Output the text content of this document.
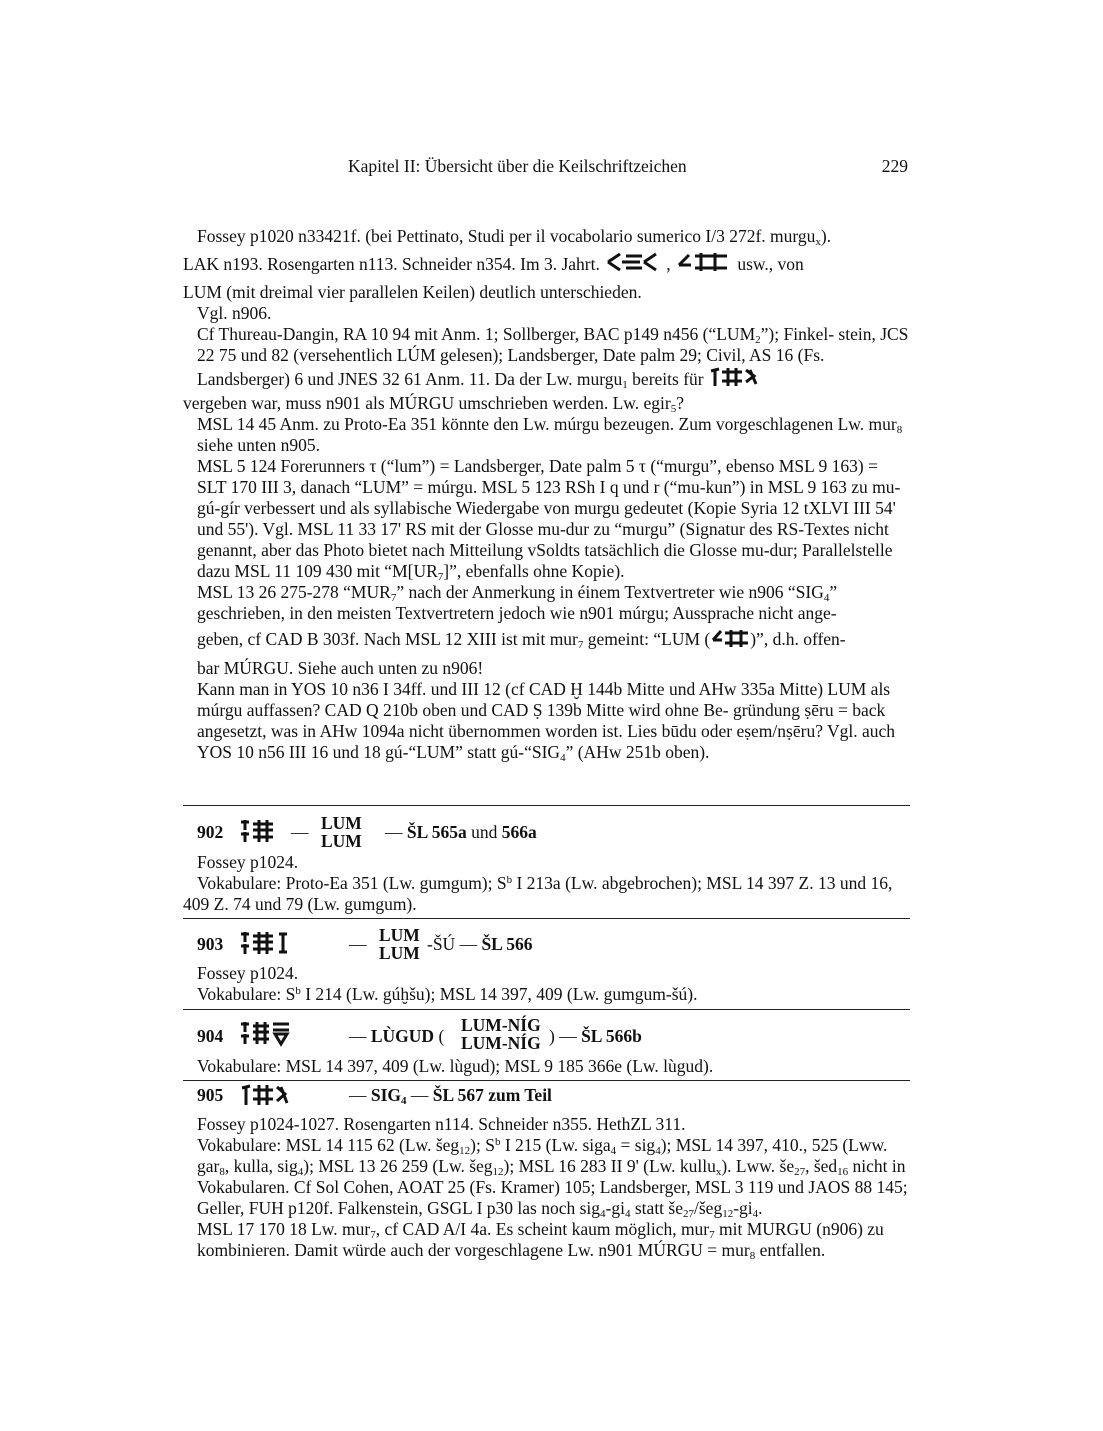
Kapitel II: Übersicht über die Keilschriftzeichen	229

Fossey p1020 n33421f. (bei Pettinato, Studi per il vocabolario sumerico I/3 272f. murgu$_x$).

LAK n193. Rosengarten n113. Schneider n354. Im 3. Jahrt.	,	usw., von

LUM (mit dreimal vier parallelen Keilen) deutlich unterschieden.

Vgl. n906.

Cf Thureau-Dangin, RA 10 94 mit Anm. 1; Sollberger, BAC p149 n456 $(“LUM_2”)$; Finkel- stein, JCS 22 75 und 82 (versehentlich LÚM gelesen); Landsberger, Date palm 29; Civil, AS 16 (Fs. Landsberger) 6 und JNES 32 61 Anm. 11. Da der Lw. murgu$_1$ bereits für
vergeben war, muss n901 als MÚRGU umschrieben werden. Lw. egir$_5$?

MSL 14 45 Anm. zu Proto-Ea 351 könnte den Lw. múrgu bezeugen. Zum vorgeschlagenen Lw. mur$_8$ siehe unten n905.

MSL 5 124 Forerunners τ (“lum”) = Landsberger, Date palm 5 τ (“murgu”, ebenso MSL 9 163) = SLT 170 III 3, danach “LUM” = múrgu. MSL 5 123 RSh I q und r (“mu-kun”) in MSL 9 163 zu mu-gú-gír verbessert und als syllabische Wiedergabe von murgu gedeutet (Kopie Syria 12 tXLVI III 54' und 55'). Vgl. MSL 11 33 17' RS mit der Glosse mu-dur zu “murgu” (Signatur des RS-Textes nicht genannt, aber das Photo bietet nach Mitteilung vSoldts tatsächlich die Glosse mu-dur; Parallelstelle dazu MSL 11 109 430 mit “$M[UR_7]$”, ebenfalls ohne Kopie).

MSL 13 26 275-278 “$MUR_7$” nach der Anmerkung in éinem Textvertreter wie n906 “$SIG_4$” geschrieben, in den meisten Textvertretern jedoch wie n901 múrgu; Aussprache nicht ange-
geben, cf CAD B 303f. Nach MSL 12 XIII ist mit mur$_7$ gemeint: “LUM ( )”, d.h. offen-
bar MÚRGU. Siehe auch unten zu n906!

Kann man in YOS 10 n36 I 34ff. und III 12 (cf CAD Ḫ 144b Mitte und AHw 335a Mitte) LUM als múrgu auffassen? CAD Q 210b oben und CAD Ṣ 139b Mitte wird ohne Be- gründung ṣēru = back angesetzt, was in AHw 1094a nicht übernommen worden ist. Lies būdu oder eṣem/nṣēru? Vgl. auch YOS 10 n56 III 16 und 18 gú-“LUM” statt $gú-“SIG_4$” (AHw 251b oben).

902	— LUM
LUM — ŠL 565a und 566a

Fossey p1024.

Vokabulare: Proto-Ea 351 (Lw. gumgum); $S^b$ I 213a (Lw. abgebrochen); MSL 14 397 Z. 13 und 16, 409 Z. 74 und 79 (Lw. gumgum).

903	— LUM
LUM -ŠÚ — ŠL 566

Fossey p1024.

Vokabulare: $S^b$ I 214 (Lw. gúḫšu); MSL 14 397, 409 (Lw. gumgum-šú).

904	— LÙGUD (
LUM-NÍG
LUM-NÍG ) — ŠL 566b

Vokabulare: MSL 14 397, 409 (Lw. lùgud); MSL 9 185 366e (Lw. lùgud).

905	— $SIG_4$ — ŠL 567 zum Teil

Fossey p1024-1027. Rosengarten n114. Schneider n355. HethZL 311.

Vokabulare: MSL 14 115 62 (Lw. šeg$_{12}$); $S^b$ I 215 (Lw. siga$_4$ = sig$_4$); MSL 14 397, 410., 525 (Lww. gar$_8$, kulla, sig$_4$); MSL 13 26 259 (Lw. šeg$_{12}$); MSL 16 283 II 9' (Lw. kullu$_x$). Lww. $še_{27}$, šed$_{16}$ nicht in Vokabularen. Cf Sol Cohen, AOAT 25 (Fs. Kramer) 105; Landsberger, MSL 3 119 und JAOS 88 145; Geller, FUH p120f. Falkenstein, GSGL I p30 las noch $sig_4-gi_4$ statt $še_{27}/šeg_{12}-gi_4$.

MSL 17 170 18 Lw. mur$_7$, cf CAD A/I 4a. Es scheint kaum möglich, mur$_7$ mit MURGU (n906) zu kombinieren. Damit würde auch der vorgeschlagene Lw. n901 MÚRGU = mur$_8$ entfallen.
